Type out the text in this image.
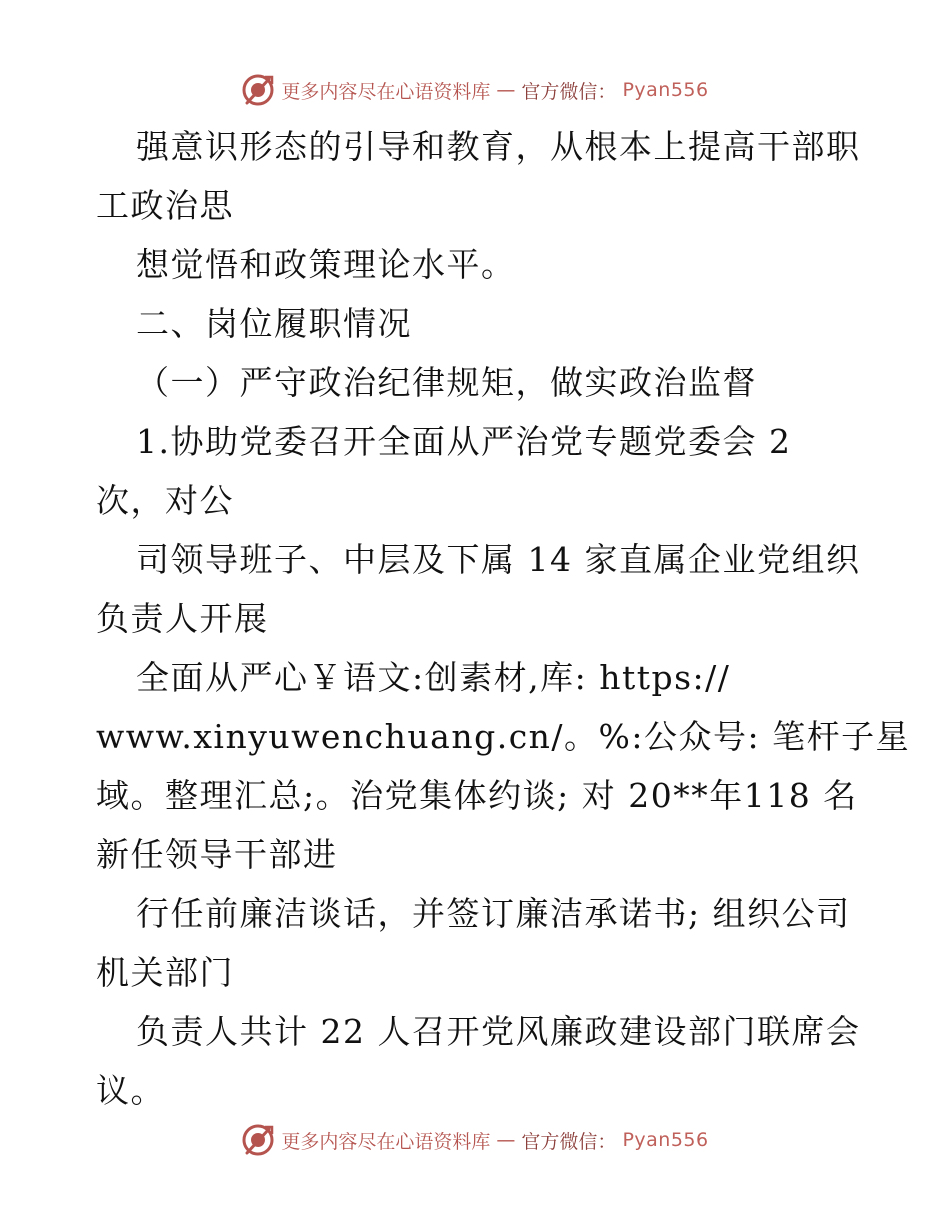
更多内容尽在心语资料库 — 官方微信： Pyan556
强意识形态的引导和教育，从根本上提高干部职
工政治思
想觉悟和政策理论水平。
二、岗位履职情况
（一）严守政治纪律规矩，做实政治监督
1.协助党委召开全面从严治党专题党委会 2
次，对公
司领导班子、中层及下属 14 家直属企业党组织
负责人开展
全面从严心￥语文:创素材,库: https://
www.xinyuwenchuang.cn/。%:公众号: 笔杆子星
域。整理汇总;。治党集体约谈; 对 20**年118 名
新任领导干部进
行任前廉洁谈话，并签订廉洁承诺书; 组织公司
机关部门
负责人共计 22 人召开党风廉政建设部门联席会
议。
更多内容尽在心语资料库 — 官方微信： Pyan556
